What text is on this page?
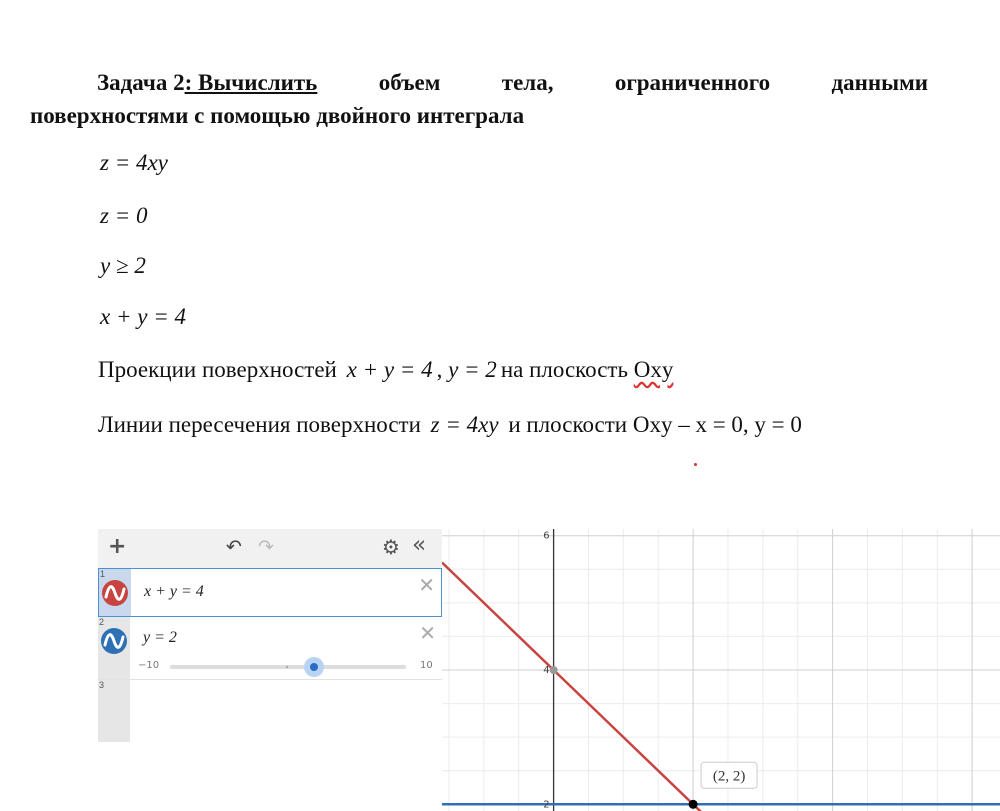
Задача 2: Вычислить	объем	тела,	ограниченного	данными
поверхностями с помощью двойного интеграла
z = 4xy
z = 0
y ≥ 2
x + y = 4
Проекции поверхностей x + y = 4 , y = 2 на плоскость Oxy
Линии пересечения поверхности z = 4xy и плоскости Oxy – x = 0, y = 0
+	↶ ↷	⚙ «
1
x + y = 4	✕
2
y = 2	✕
−10	10
3
2
4
6
(2, 2)
